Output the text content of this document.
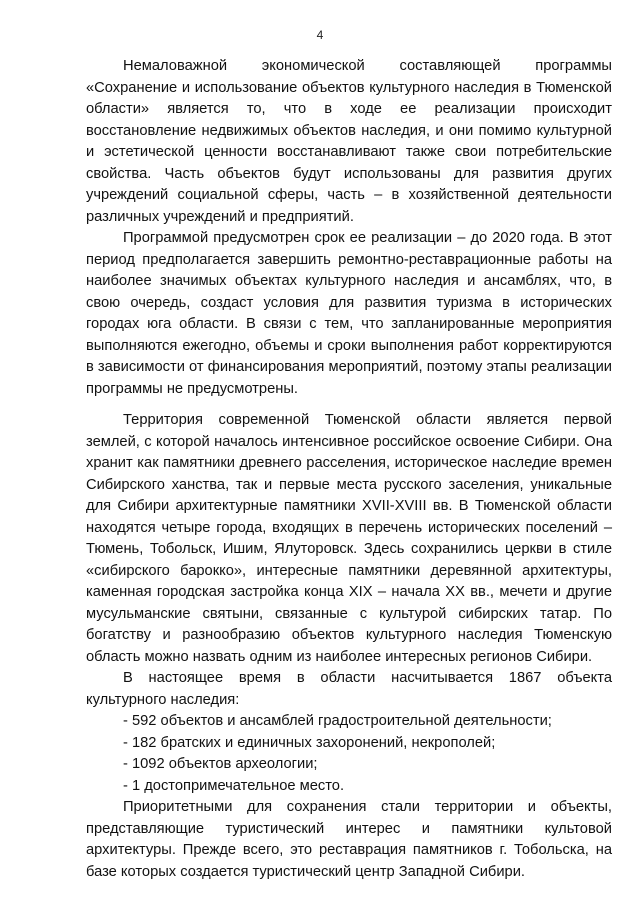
4

Немаловажной экономической составляющей программы «Сохранение и использование объектов культурного наследия в Тюменской области» является то, что в ходе ее реализации происходит восстановление недвижимых объектов наследия, и они помимо культурной и эстетической ценности восстанавливают также свои потребительские свойства. Часть объектов будут использованы для развития других учреждений социальной сферы, часть – в хозяйственной деятельности различных учреждений и предприятий.

Программой предусмотрен срок ее реализации – до 2020 года. В этот период предполагается завершить ремонтно-реставрационные работы на наиболее значимых объектах культурного наследия и ансамблях, что, в свою очередь, создаст условия для развития туризма в исторических городах юга области. В связи с тем, что запланированные мероприятия выполняются ежегодно, объемы и сроки выполнения работ корректируются в зависимости от финансирования мероприятий, поэтому этапы реализации программы не предусмотрены.

Территория современной Тюменской области является первой землей, с которой началось интенсивное российское освоение Сибири. Она хранит как памятники древнего расселения, историческое наследие времен Сибирского ханства, так и первые места русского заселения, уникальные для Сибири архитектурные памятники XVII-XVIII вв. В Тюменской области находятся четыре города, входящих в перечень исторических поселений – Тюмень, Тобольск, Ишим, Ялуторовск. Здесь сохранились церкви в стиле «сибирского барокко», интересные памятники деревянной архитектуры, каменная городская застройка конца XIX – начала XX вв., мечети и другие мусульманские святыни, связанные с культурой сибирских татар. По богатству и разнообразию объектов культурного наследия Тюменскую область можно назвать одним из наиболее интересных регионов Сибири.

В настоящее время в области насчитывается 1867 объекта культурного наследия:

- 592 объектов и ансамблей градостроительной деятельности;

- 182 братских и единичных захоронений, некрополей;

- 1092 объектов археологии;

- 1 достопримечательное место.

Приоритетными для сохранения стали территории и объекты, представляющие туристический интерес и памятники культовой архитектуры. Прежде всего, это реставрация памятников г. Тобольска, на базе которых создается туристический центр Западной Сибири.
